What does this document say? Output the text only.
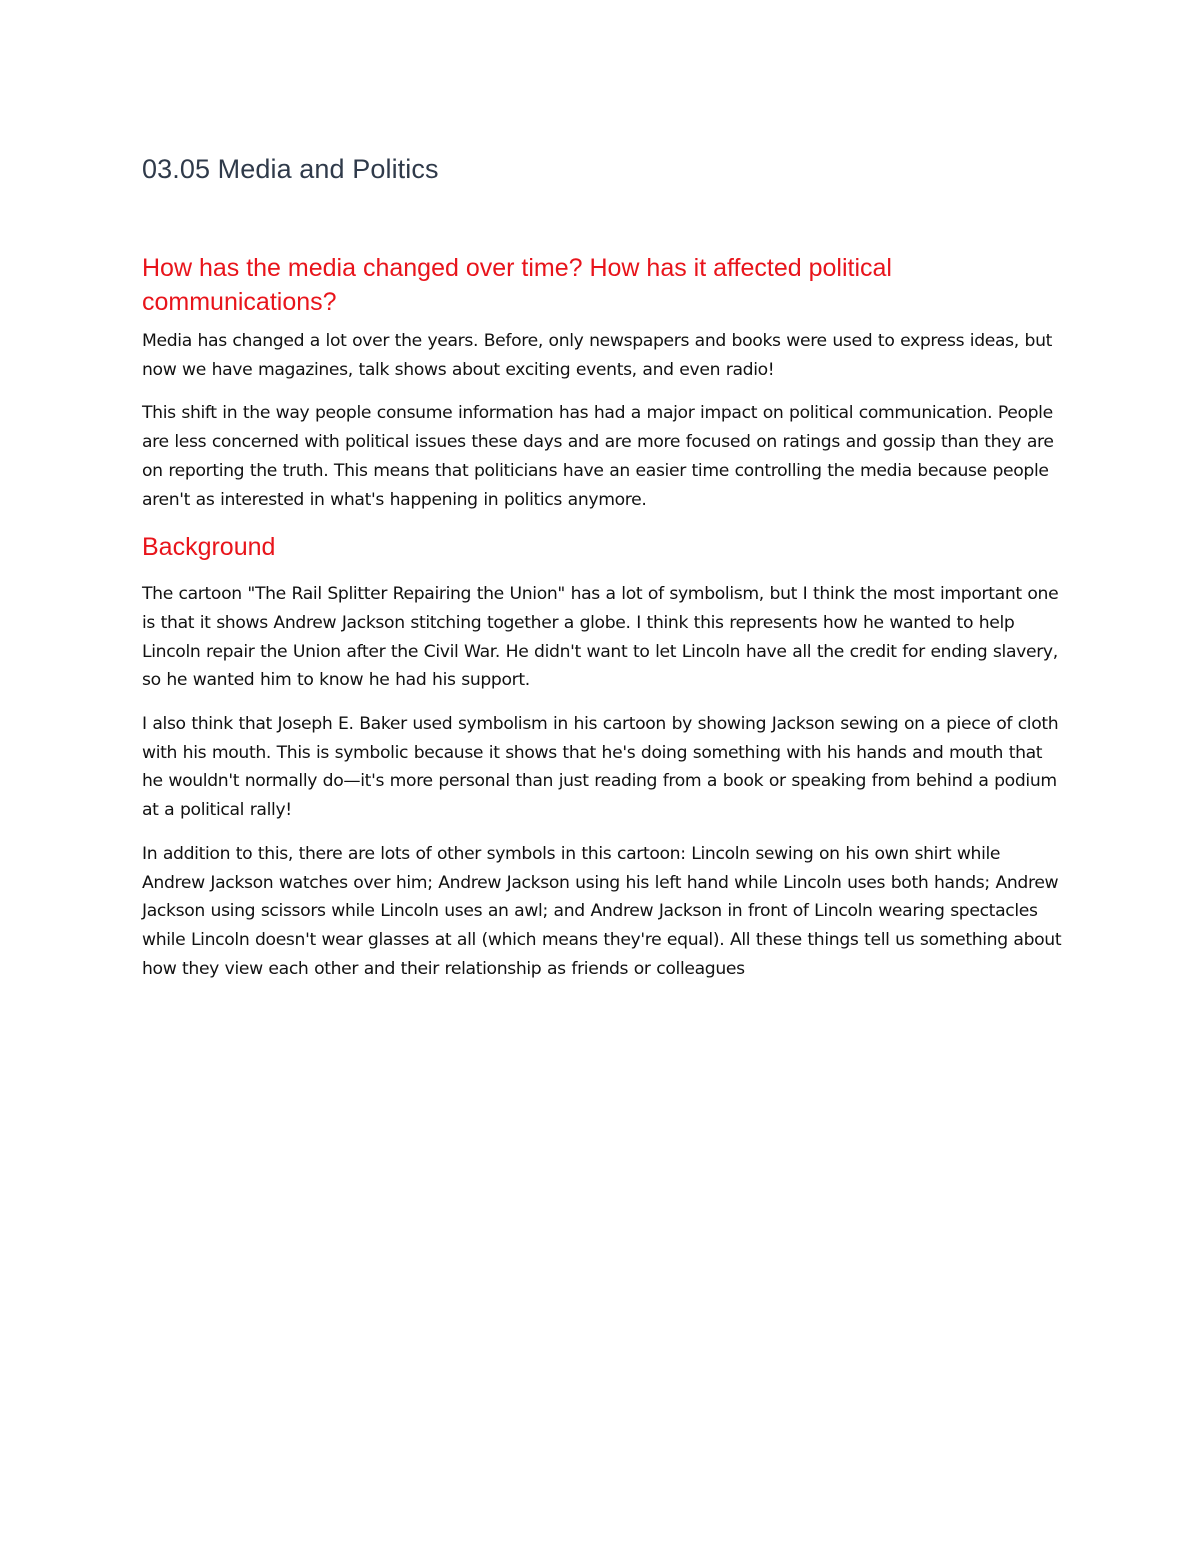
03.05 Media and Politics
How has the media changed over time? How has it affected political communications?

Media has changed a lot over the years. Before, only newspapers and books were used to express ideas, but now we have magazines, talk shows about exciting events, and even radio!

This shift in the way people consume information has had a major impact on political communication. People are less concerned with political issues these days and are more focused on ratings and gossip than they are on reporting the truth. This means that politicians have an easier time controlling the media because people aren't as interested in what's happening in politics anymore.

Background

The cartoon "The Rail Splitter Repairing the Union" has a lot of symbolism, but I think the most important one is that it shows Andrew Jackson stitching together a globe. I think this represents how he wanted to help Lincoln repair the Union after the Civil War. He didn't want to let Lincoln have all the credit for ending slavery, so he wanted him to know he had his support.

I also think that Joseph E. Baker used symbolism in his cartoon by showing Jackson sewing on a piece of cloth with his mouth. This is symbolic because it shows that he's doing something with his hands and mouth that he wouldn't normally do—it's more personal than just reading from a book or speaking from behind a podium at a political rally!

In addition to this, there are lots of other symbols in this cartoon: Lincoln sewing on his own shirt while Andrew Jackson watches over him; Andrew Jackson using his left hand while Lincoln uses both hands; Andrew Jackson using scissors while Lincoln uses an awl; and Andrew Jackson in front of Lincoln wearing spectacles while Lincoln doesn't wear glasses at all (which means they're equal). All these things tell us something about how they view each other and their relationship as friends or colleagues
